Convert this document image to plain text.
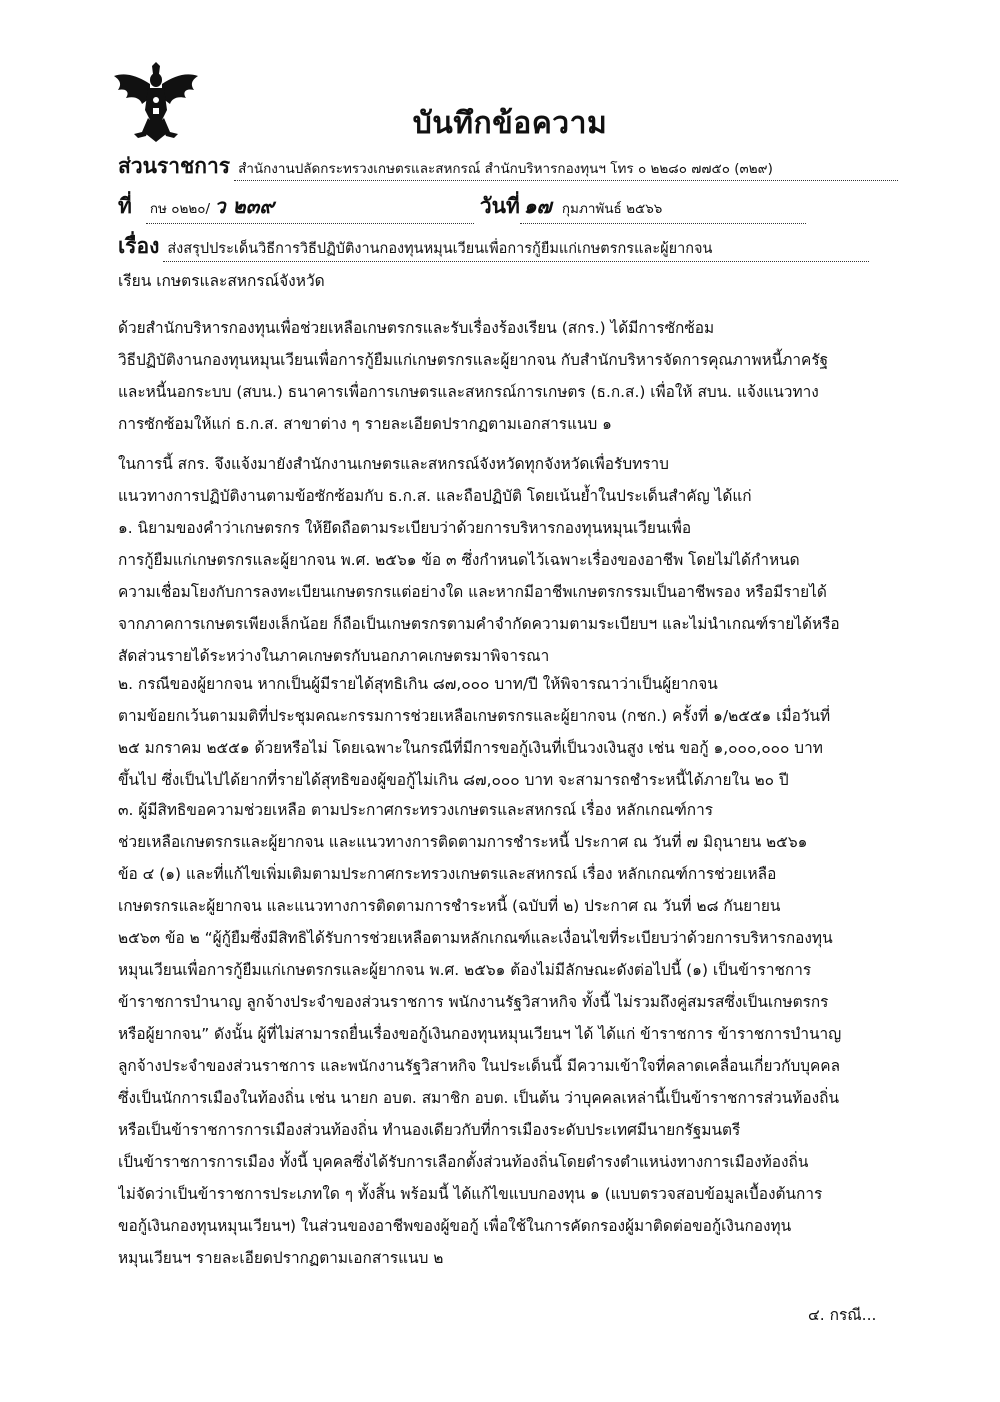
บันทึกข้อความ
ส่วนราชการ สำนักงานปลัดกระทรวงเกษตรและสหกรณ์ สำนักบริหารกองทุนฯ โทร ๐ ๒๒๘๐ ๗๗๕๐ (๓๒๙)
ที่ กษ ๐๒๒๐/ ว ๒๓๙	วันที่ ๑๗ กุมภาพันธ์ ๒๕๖๖
เรื่อง ส่งสรุปประเด็นวิธีการวิธีปฏิบัติงานกองทุนหมุนเวียนเพื่อการกู้ยืมแก่เกษตรกรและผู้ยากจน
เรียน เกษตรและสหกรณ์จังหวัด
ด้วยสำนักบริหารกองทุนเพื่อช่วยเหลือเกษตรกรและรับเรื่องร้องเรียน (สกร.) ได้มีการซักซ้อม
วิธีปฏิบัติงานกองทุนหมุนเวียนเพื่อการกู้ยืมแก่เกษตรกรและผู้ยากจน กับสำนักบริหารจัดการคุณภาพหนี้ภาครัฐ
และหนี้นอกระบบ (สบน.) ธนาคารเพื่อการเกษตรและสหกรณ์การเกษตร (ธ.ก.ส.) เพื่อให้ สบน. แจ้งแนวทาง
การซักซ้อมให้แก่ ธ.ก.ส. สาขาต่าง ๆ รายละเอียดปรากฏตามเอกสารแนบ ๑
ในการนี้ สกร. จึงแจ้งมายังสำนักงานเกษตรและสหกรณ์จังหวัดทุกจังหวัดเพื่อรับทราบ
แนวทางการปฏิบัติงานตามข้อซักซ้อมกับ ธ.ก.ส. และถือปฏิบัติ โดยเน้นย้ำในประเด็นสำคัญ ได้แก่
๑. นิยามของคำว่าเกษตรกร ให้ยึดถือตามระเบียบว่าด้วยการบริหารกองทุนหมุนเวียนเพื่อ
การกู้ยืมแก่เกษตรกรและผู้ยากจน พ.ศ. ๒๕๖๑ ข้อ ๓ ซึ่งกำหนดไว้เฉพาะเรื่องของอาชีพ โดยไม่ได้กำหนด
ความเชื่อมโยงกับการลงทะเบียนเกษตรกรแต่อย่างใด และหากมีอาชีพเกษตรกรรมเป็นอาชีพรอง หรือมีรายได้
จากภาคการเกษตรเพียงเล็กน้อย ก็ถือเป็นเกษตรกรตามคำจำกัดความตามระเบียบฯ และไม่นำเกณฑ์รายได้หรือ
สัดส่วนรายได้ระหว่างในภาคเกษตรกับนอกภาคเกษตรมาพิจารณา
๒. กรณีของผู้ยากจน หากเป็นผู้มีรายได้สุทธิเกิน ๘๗,๐๐๐ บาท/ปี ให้พิจารณาว่าเป็นผู้ยากจน
ตามข้อยกเว้นตามมติที่ประชุมคณะกรรมการช่วยเหลือเกษตรกรและผู้ยากจน (กชก.) ครั้งที่ ๑/๒๕๕๑ เมื่อวันที่
๒๕ มกราคม ๒๕๕๑ ด้วยหรือไม่ โดยเฉพาะในกรณีที่มีการขอกู้เงินที่เป็นวงเงินสูง เช่น ขอกู้ ๑,๐๐๐,๐๐๐ บาท
ขึ้นไป ซึ่งเป็นไปได้ยากที่รายได้สุทธิของผู้ขอกู้ไม่เกิน ๘๗,๐๐๐ บาท จะสามารถชำระหนี้ได้ภายใน ๒๐ ปี
๓. ผู้มีสิทธิขอความช่วยเหลือ ตามประกาศกระทรวงเกษตรและสหกรณ์ เรื่อง หลักเกณฑ์การ
ช่วยเหลือเกษตรกรและผู้ยากจน และแนวทางการติดตามการชำระหนี้ ประกาศ ณ วันที่ ๗ มิถุนายน ๒๕๖๑
ข้อ ๔ (๑) และที่แก้ไขเพิ่มเติมตามประกาศกระทรวงเกษตรและสหกรณ์ เรื่อง หลักเกณฑ์การช่วยเหลือ
เกษตรกรและผู้ยากจน และแนวทางการติดตามการชำระหนี้ (ฉบับที่ ๒) ประกาศ ณ วันที่ ๒๘ กันยายน
๒๕๖๓ ข้อ ๒ “ผู้กู้ยืมซึ่งมีสิทธิได้รับการช่วยเหลือตามหลักเกณฑ์และเงื่อนไขที่ระเบียบว่าด้วยการบริหารกองทุน
หมุนเวียนเพื่อการกู้ยืมแก่เกษตรกรและผู้ยากจน พ.ศ. ๒๕๖๑ ต้องไม่มีลักษณะดังต่อไปนี้ (๑) เป็นข้าราชการ
ข้าราชการบำนาญ ลูกจ้างประจำของส่วนราชการ พนักงานรัฐวิสาหกิจ ทั้งนี้ ไม่รวมถึงคู่สมรสซึ่งเป็นเกษตรกร
หรือผู้ยากจน” ดังนั้น ผู้ที่ไม่สามารถยื่นเรื่องขอกู้เงินกองทุนหมุนเวียนฯ ได้ ได้แก่ ข้าราชการ ข้าราชการบำนาญ
ลูกจ้างประจำของส่วนราชการ และพนักงานรัฐวิสาหกิจ ในประเด็นนี้ มีความเข้าใจที่คลาดเคลื่อนเกี่ยวกับบุคคล
ซึ่งเป็นนักการเมืองในท้องถิ่น เช่น นายก อบต. สมาชิก อบต. เป็นต้น ว่าบุคคลเหล่านี้เป็นข้าราชการส่วนท้องถิ่น
หรือเป็นข้าราชการการเมืองส่วนท้องถิ่น ทำนองเดียวกับที่การเมืองระดับประเทศมีนายกรัฐมนตรี
เป็นข้าราชการการเมือง ทั้งนี้ บุคคลซึ่งได้รับการเลือกตั้งส่วนท้องถิ่นโดยดำรงตำแหน่งทางการเมืองท้องถิ่น
ไม่จัดว่าเป็นข้าราชการประเภทใด ๆ ทั้งสิ้น พร้อมนี้ ได้แก้ไขแบบกองทุน ๑ (แบบตรวจสอบข้อมูลเบื้องต้นการ
ขอกู้เงินกองทุนหมุนเวียนฯ) ในส่วนของอาชีพของผู้ขอกู้ เพื่อใช้ในการคัดกรองผู้มาติดต่อขอกู้เงินกองทุน
หมุนเวียนฯ รายละเอียดปรากฏตามเอกสารแนบ ๒
๔. กรณี...
